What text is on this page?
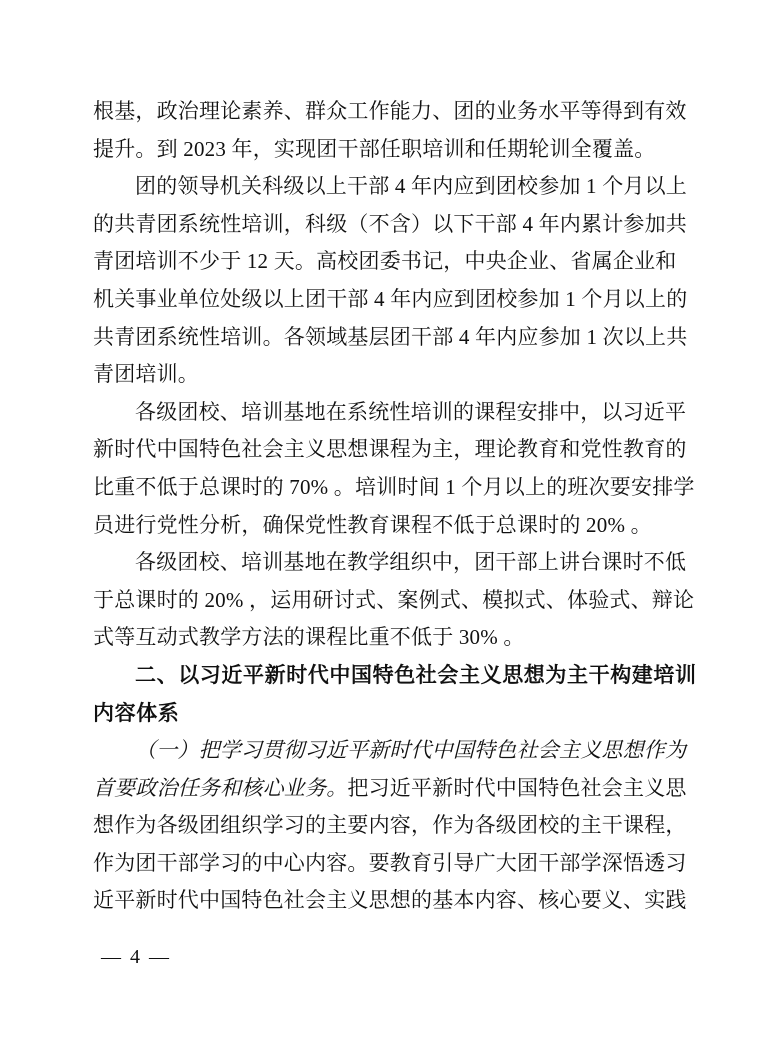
根基，政治理论素养、群众工作能力、团的业务水平等得到有效
提升。到 2023 年，实现团干部任职培训和任期轮训全覆盖。
团的领导机关科级以上干部 4 年内应到团校参加 1 个月以上
的共青团系统性培训，科级（不含）以下干部 4 年内累计参加共
青团培训不少于 12 天。高校团委书记，中央企业、省属企业和
机关事业单位处级以上团干部 4 年内应到团校参加 1 个月以上的
共青团系统性培训。各领域基层团干部 4 年内应参加 1 次以上共
青团培训。
各级团校、培训基地在系统性培训的课程安排中，以习近平
新时代中国特色社会主义思想课程为主，理论教育和党性教育的
比重不低于总课时的 70% 。培训时间 1 个月以上的班次要安排学
员进行党性分析，确保党性教育课程不低于总课时的 20% 。
各级团校、培训基地在教学组织中，团干部上讲台课时不低
于总课时的 20% ，运用研讨式、案例式、模拟式、体验式、辩论
式等互动式教学方法的课程比重不低于 30% 。
二、以习近平新时代中国特色社会主义思想为主干构建培训
内容体系
（一）把学习贯彻习近平新时代中国特色社会主义思想作为
首要政治任务和核心业务。把习近平新时代中国特色社会主义思
想作为各级团组织学习的主要内容，作为各级团校的主干课程，
作为团干部学习的中心内容。要教育引导广大团干部学深悟透习
近平新时代中国特色社会主义思想的基本内容、核心要义、实践
— 4 —
